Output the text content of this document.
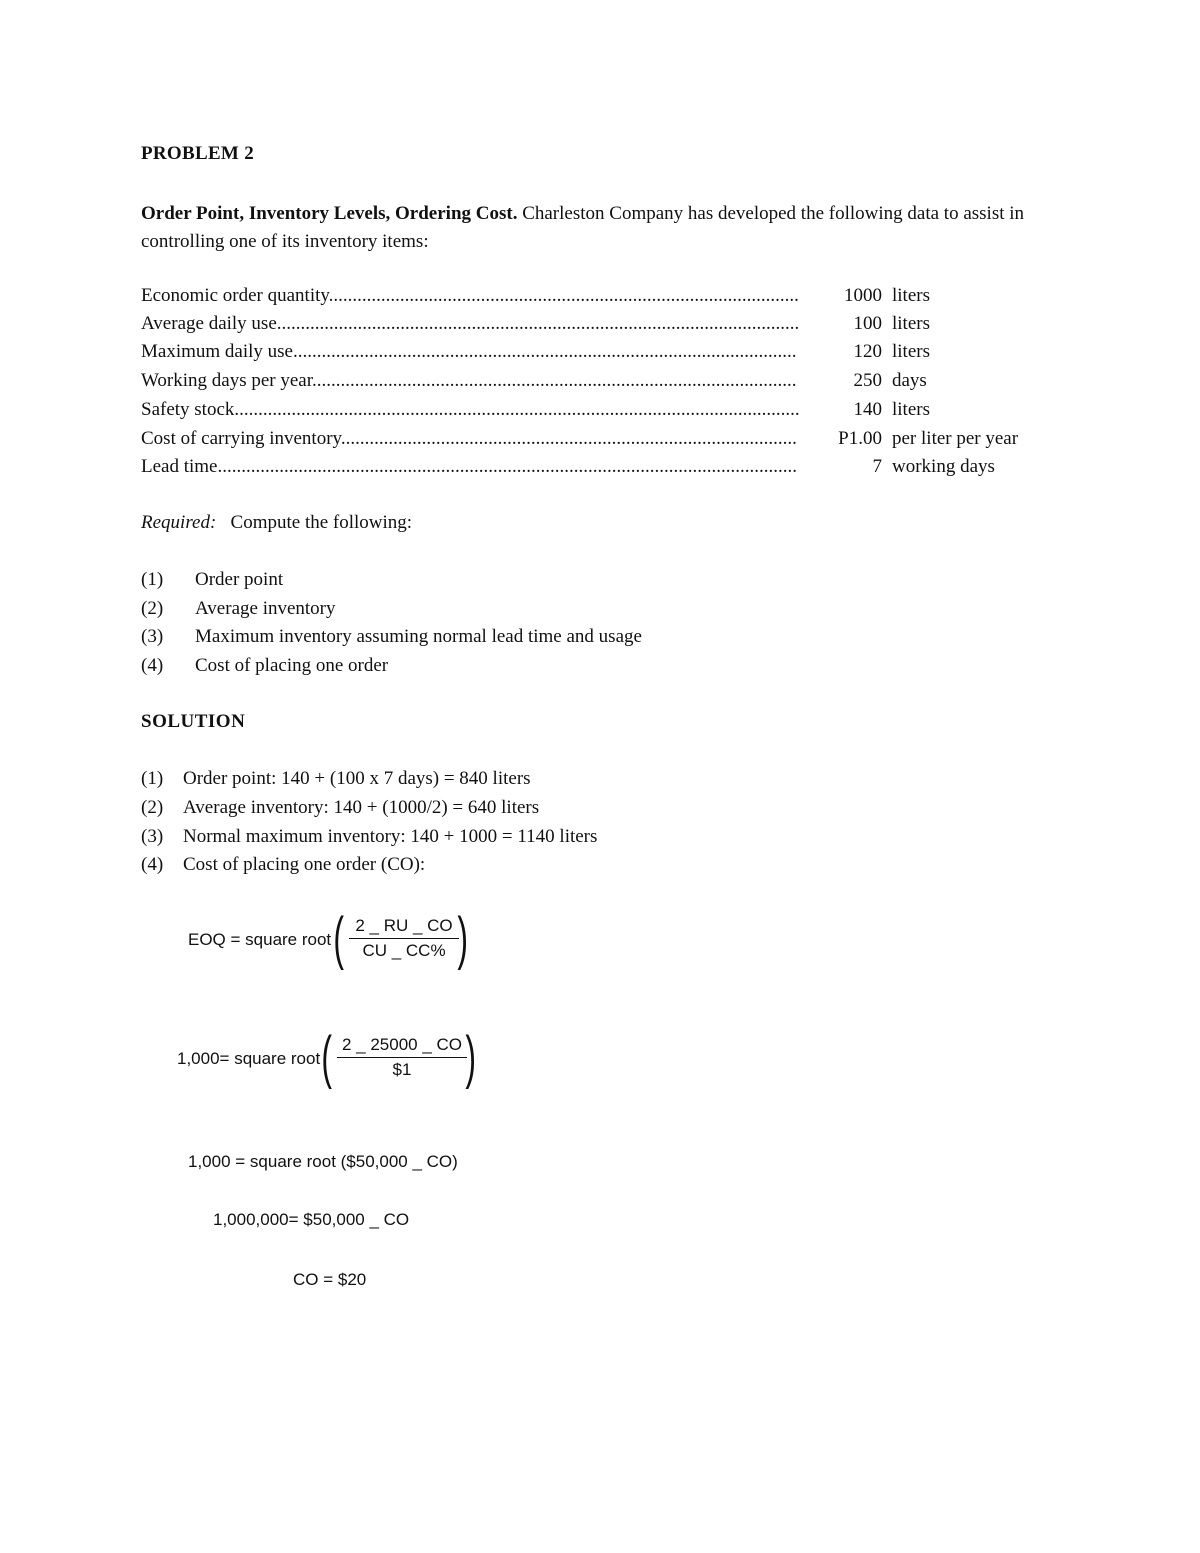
PROBLEM 2
Order Point, Inventory Levels, Ordering Cost. Charleston Company has developed the following data to assist in controlling one of its inventory items:
Economic order quantity...................................................................................................
Average daily use..............................................................................................................
Maximum daily use..........................................................................................................
Working days per year......................................................................................................
Safety stock.......................................................................................................................
Cost of carrying inventory................................................................................................
Lead time..........................................................................................................................
1000
100
120
250
140
P1.00
7
liters
liters
liters
days
liters
per liter per year
working days
Required: Compute the following:
(1) Order point
(2) Average inventory
(3) Maximum inventory assuming normal lead time and usage
(4) Cost of placing one order
SOLUTION
(1) Order point: 140 + (100 x 7 days) = 840 liters
(2) Average inventory: 140 + (1000/2) = 640 liters
(3) Normal maximum inventory: 140 + 1000 = 1140 liters
(4) Cost of placing one order (CO):
EOQ = square root ( 2 _ RU _ CO
CU _ CC% )
1,000= square root ( 2 _ 25000 _ CO
$1 )
1,000 = square root ($50,000 _ CO)
1,000,000= $50,000 _ CO
CO = $20
